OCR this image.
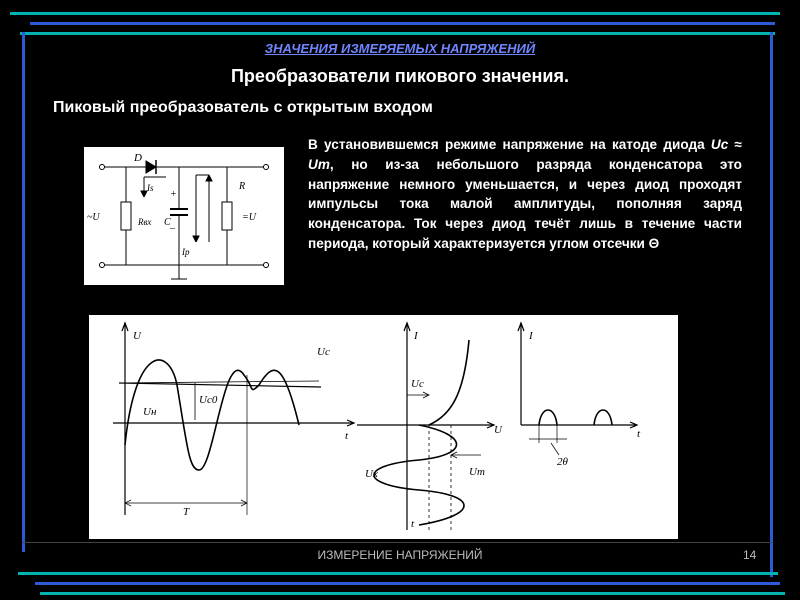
ЗНАЧЕНИЯ ИЗМЕРЯЕМЫХ НАПРЯЖЕНИЙ
Преобразователи пикового значения.
Пиковый преобразователь с открытым входом
В установившемся режиме напряжение на катоде диода Uс ≈ Um, но из-за небольшого разряда конденсатора это напряжение немного уменьшается, и через диод проходят импульсы тока малой амплитуды, пополняя заряд конденсатора. Ток через диод течёт лишь в течение части периода, который характеризуется углом отсечки Θ
D
~U
Is
+
–
Rвх C
Ip
R
=U
U
Uc
Uc0
Uн
t
T
I
Uc
U
Ux	Um
t
I
t
2θ
ИЗМЕРЕНИЕ НАПРЯЖЕНИЙ	14
